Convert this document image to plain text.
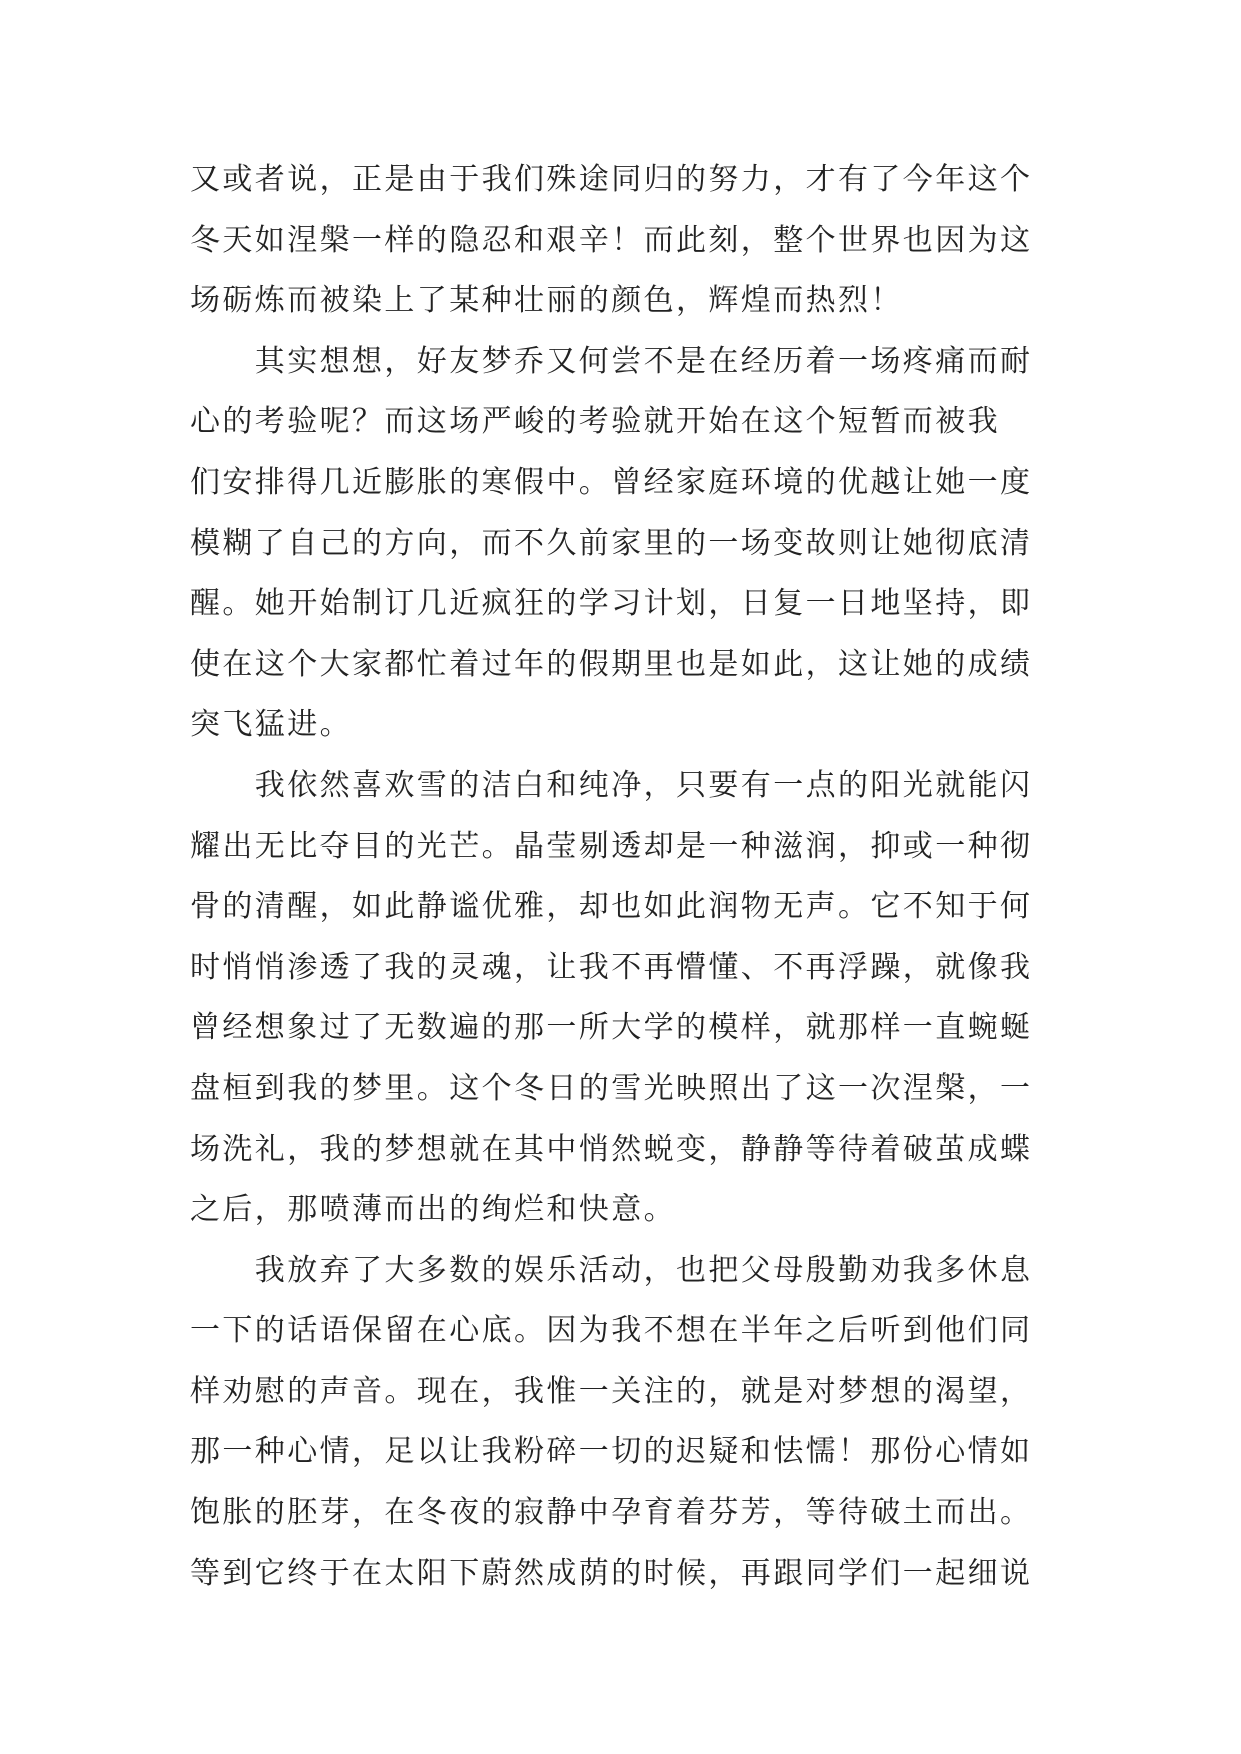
又或者说，正是由于我们殊途同归的努力，才有了今年这个
冬天如涅槃一样的隐忍和艰辛！而此刻，整个世界也因为这
场砺炼而被染上了某种壮丽的颜色，辉煌而热烈！
　　其实想想，好友梦乔又何尝不是在经历着一场疼痛而耐
心的考验呢？而这场严峻的考验就开始在这个短暂而被我
们安排得几近膨胀的寒假中。曾经家庭环境的优越让她一度
模糊了自己的方向，而不久前家里的一场变故则让她彻底清
醒。她开始制订几近疯狂的学习计划，日复一日地坚持，即
使在这个大家都忙着过年的假期里也是如此，这让她的成绩
突飞猛进。
　　我依然喜欢雪的洁白和纯净，只要有一点的阳光就能闪
耀出无比夺目的光芒。晶莹剔透却是一种滋润，抑或一种彻
骨的清醒，如此静谧优雅，却也如此润物无声。它不知于何
时悄悄渗透了我的灵魂，让我不再懵懂、不再浮躁，就像我
曾经想象过了无数遍的那一所大学的模样，就那样一直蜿蜒
盘桓到我的梦里。这个冬日的雪光映照出了这一次涅槃，一
场洗礼，我的梦想就在其中悄然蜕变，静静等待着破茧成蝶
之后，那喷薄而出的绚烂和快意。
　　我放弃了大多数的娱乐活动，也把父母殷勤劝我多休息
一下的话语保留在心底。因为我不想在半年之后听到他们同
样劝慰的声音。现在，我惟一关注的，就是对梦想的渴望，
那一种心情，足以让我粉碎一切的迟疑和怯懦！那份心情如
饱胀的胚芽，在冬夜的寂静中孕育着芬芳，等待破土而出。
等到它终于在太阳下蔚然成荫的时候，再跟同学们一起细说
